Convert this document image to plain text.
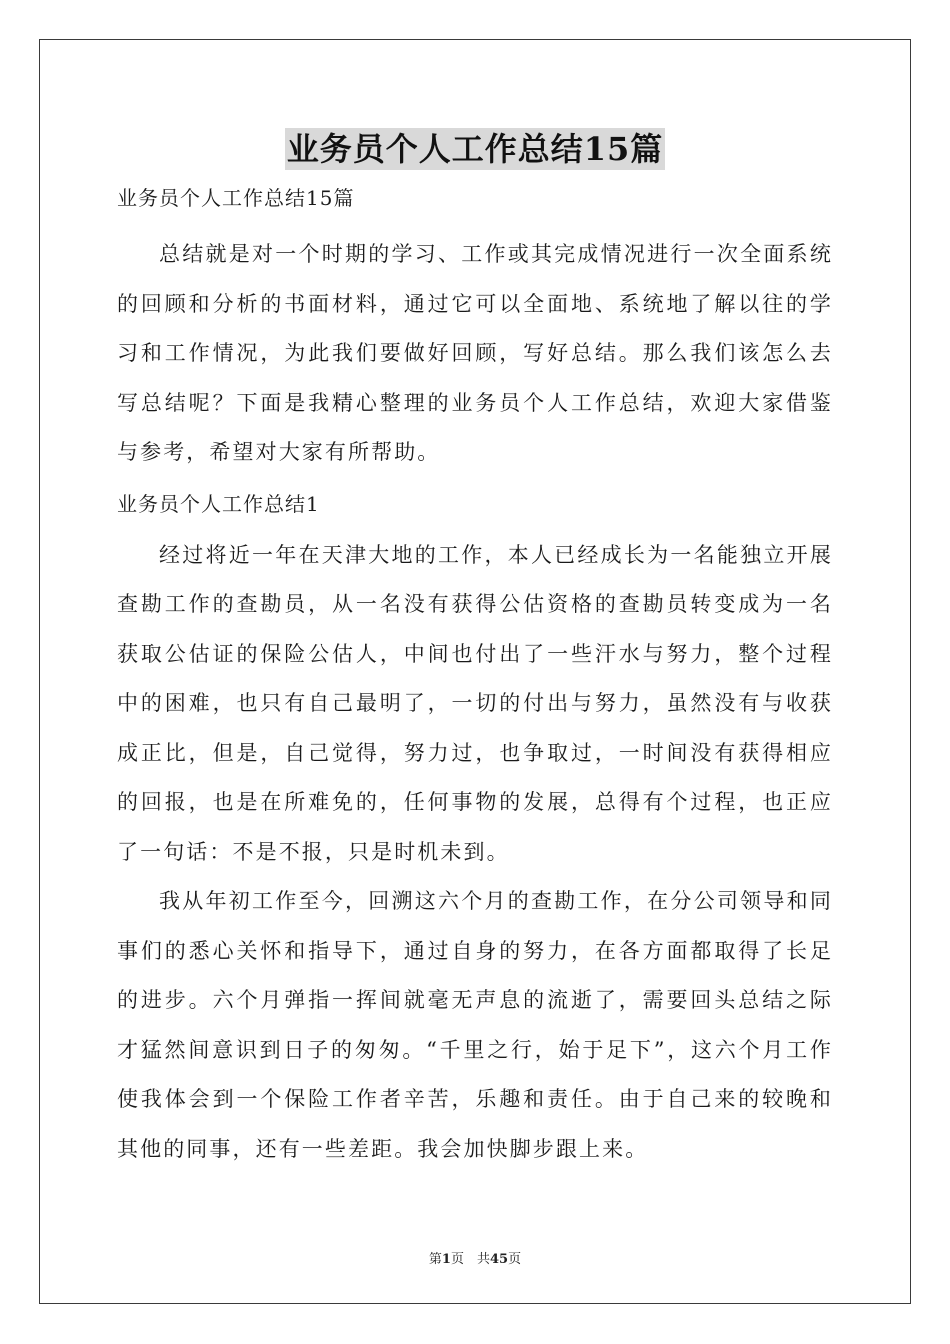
业务员个人工作总结15篇

业务员个人工作总结15篇

总结就是对一个时期的学习、工作或其完成情况进行一次全面系统的回顾和分析的书面材料，通过它可以全面地、系统地了解以往的学习和工作情况，为此我们要做好回顾，写好总结。那么我们该怎么去写总结呢？下面是我精心整理的业务员个人工作总结，欢迎大家借鉴与参考，希望对大家有所帮助。

业务员个人工作总结1

经过将近一年在天津大地的工作，本人已经成长为一名能独立开展查勘工作的查勘员，从一名没有获得公估资格的查勘员转变成为一名获取公估证的保险公估人，中间也付出了一些汗水与努力，整个过程中的困难，也只有自己最明了，一切的付出与努力，虽然没有与收获成正比，但是，自己觉得，努力过，也争取过，一时间没有获得相应的回报，也是在所难免的，任何事物的发展，总得有个过程，也正应了一句话：不是不报，只是时机未到。

我从年初工作至今，回溯这六个月的查勘工作，在分公司领导和同事们的悉心关怀和指导下，通过自身的努力，在各方面都取得了长足的进步。六个月弹指一挥间就毫无声息的流逝了，需要回头总结之际才猛然间意识到日子的匆匆。“千里之行，始于足下”，这六个月工作使我体会到一个保险工作者辛苦，乐趣和责任。由于自己来的较晚和其他的同事，还有一些差距。我会加快脚步跟上来。

第1页　共45页
